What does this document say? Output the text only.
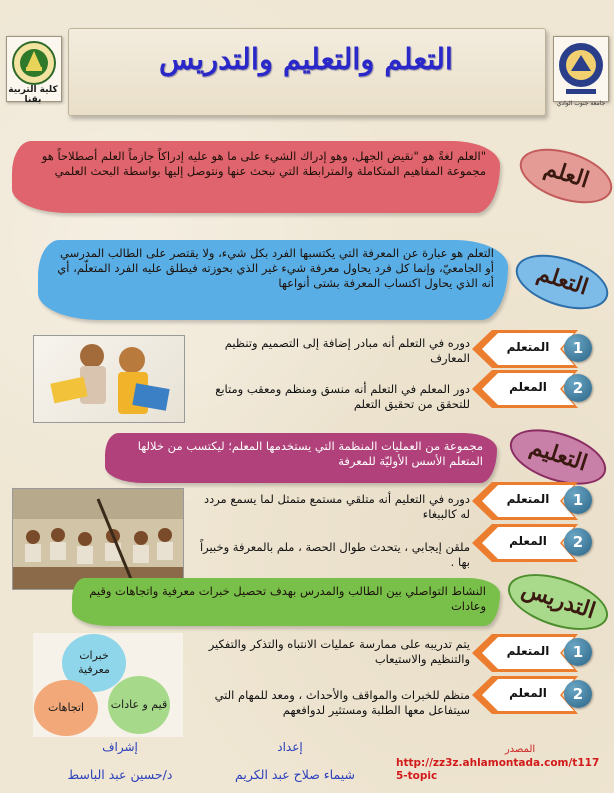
التعلم والتعليم والتدريس
كلية التربية بقنا	جامعة جنوب الوادي
"العلم لغةً هو "نقيض الجهل، وهو إدراك الشيء على ما هو عليه إدراكاً جازماً العلم أصطلاحاً هو مجموعة المفاهيم المتكاملة والمترابطة التي نبحث عنها ونتوصل إليها بواسطة البحث العلمي	العلم
التعلم هو عبارة عن المعرفة التي يكتسبها الفرد بكل شيء، ولا يقتصر على الطالب المدرسي أو الجامعيّ، وإنما كل فرد يحاول معرفة شيء غير الذي بحوزته فيطلق عليه الفرد المتعلّم، أي أنه الذي يحاول اكتساب المعرفة بشتى أنواعها	التعلم
دوره في التعلم أنه مبادر إضافة إلى التصميم وتنظيم المعارف
المتعلم	1
دور المعلم في التعلم أنه منسق ومنظم ومعقب ومتابع للتحقق من تحقيق التعلم
المعلم	2
مجموعة من العمليات المنظمة التي يستخدمها المعلم؛ ليكتسب من خلالها المتعلم الأسس الأوليّة للمعرفة	التعليم
دوره في التعليم أنه متلقي مستمع متمثل لما يسمع مردد له كالببغاء
المتعلم	1
ملقن إيجابي ، يتحدث طوال الحصة ، ملم بالمعرفة وخبيراً بها .
المعلم	2
النشاط التواصلي بين الطالب والمدرس بهدف تحصيل خبرات معرفية واتجاهات وقيم وعادات	التدريس
خبرات معرفية
اتجاهات قيم و عادات
يتم تدريبه على ممارسة عمليات الانتباه والتذكر والتفكير والتنظيم والاستيعاب
المتعلم	1
منظم للخبرات والمواقف والأحداث ، ومعد للمهام التي سيتفاعل معها الطلبة ومستثير لدوافعهم
المعلم	2
إشراف
د/حسين عبد الباسط
إعداد
شيماء صلاح عبد الكريم
المصدر
http://zz3z.ahlamontada.com/t1175-topic
